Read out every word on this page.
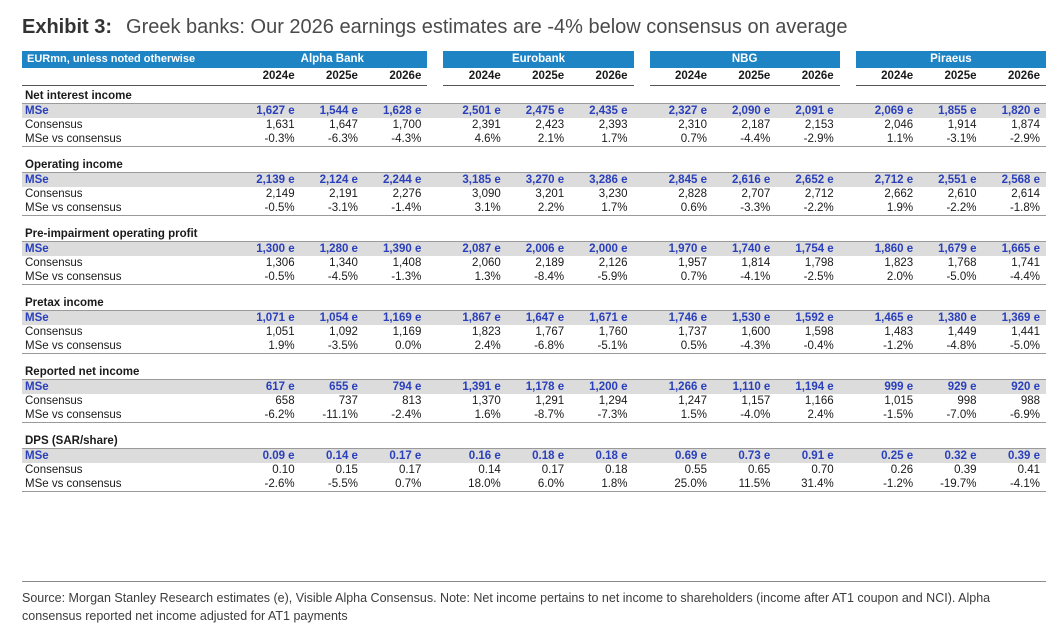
Exhibit 3: Greek banks: Our 2026 earnings estimates are -4% below consensus on average
EURmn, unless noted otherwise	Alpha Bank				Eurobank				NBG				Piraeus		
	2024e	2025e	2026e		2024e	2025e	2026e		2024e	2025e	2026e		2024e	2025e	2026e
Net interest income															
MSe	1,627 e	1,544 e	1,628 e		2,501 e	2,475 e	2,435 e		2,327 e	2,090 e	2,091 e		2,069 e	1,855 e	1,820 e
Consensus	1,631	1,647	1,700		2,391	2,423	2,393		2,310	2,187	2,153		2,046	1,914	1,874
MSe vs consensus	-0.3%	-6.3%	-4.3%		4.6%	2.1%	1.7%		0.7%	-4.4%	-2.9%		1.1%	-3.1%	-2.9%

Operating income															
MSe	2,139 e	2,124 e	2,244 e		3,185 e	3,270 e	3,286 e		2,845 e	2,616 e	2,652 e		2,712 e	2,551 e	2,568 e
Consensus	2,149	2,191	2,276		3,090	3,201	3,230		2,828	2,707	2,712		2,662	2,610	2,614
MSe vs consensus	-0.5%	-3.1%	-1.4%		3.1%	2.2%	1.7%		0.6%	-3.3%	-2.2%		1.9%	-2.2%	-1.8%

Pre-impairment operating profit															
MSe	1,300 e	1,280 e	1,390 e		2,087 e	2,006 e	2,000 e		1,970 e	1,740 e	1,754 e		1,860 e	1,679 e	1,665 e
Consensus	1,306	1,340	1,408		2,060	2,189	2,126		1,957	1,814	1,798		1,823	1,768	1,741
MSe vs consensus	-0.5%	-4.5%	-1.3%		1.3%	-8.4%	-5.9%		0.7%	-4.1%	-2.5%		2.0%	-5.0%	-4.4%

Pretax income															
MSe	1,071 e	1,054 e	1,169 e		1,867 e	1,647 e	1,671 e		1,746 e	1,530 e	1,592 e		1,465 e	1,380 e	1,369 e
Consensus	1,051	1,092	1,169		1,823	1,767	1,760		1,737	1,600	1,598		1,483	1,449	1,441
MSe vs consensus	1.9%	-3.5%	0.0%		2.4%	-6.8%	-5.1%		0.5%	-4.3%	-0.4%		-1.2%	-4.8%	-5.0%

Reported net income															
MSe	617 e	655 e	794 e		1,391 e	1,178 e	1,200 e		1,266 e	1,110 e	1,194 e		999 e	929 e	920 e
Consensus	658	737	813		1,370	1,291	1,294		1,247	1,157	1,166		1,015	998	988
MSe vs consensus	-6.2%	-11.1%	-2.4%		1.6%	-8.7%	-7.3%		1.5%	-4.0%	2.4%		-1.5%	-7.0%	-6.9%

DPS (SAR/share)															
MSe	0.09 e	0.14 e	0.17 e		0.16 e	0.18 e	0.18 e		0.69 e	0.73 e	0.91 e		0.25 e	0.32 e	0.39 e
Consensus	0.10	0.15	0.17		0.14	0.17	0.18		0.55	0.65	0.70		0.26	0.39	0.41
MSe vs consensus	-2.6%	-5.5%	0.7%		18.0%	6.0%	1.8%		25.0%	11.5%	31.4%		-1.2%	-19.7%	-4.1%
Source: Morgan Stanley Research estimates (e), Visible Alpha Consensus. Note: Net income pertains to net income to shareholders (income after AT1 coupon and NCI). Alpha consensus reported net income adjusted for AT1 payments
